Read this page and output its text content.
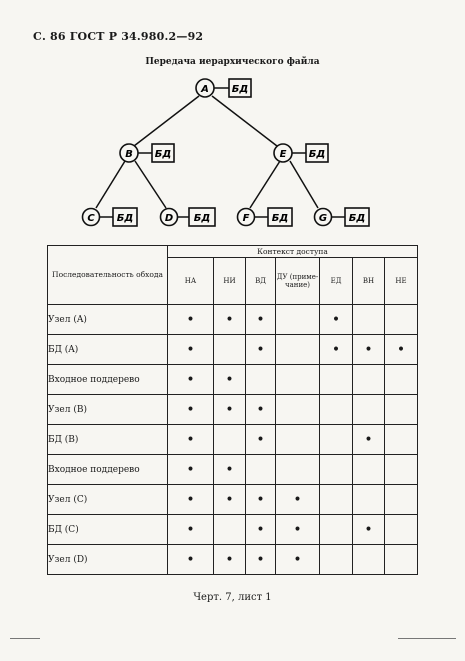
С. 86 ГОСТ Р 34.980.2—92
Передача иерархического файла
A БД
B БД	E БД
C БД	D БД	F БД	G БД
Последовательность обхода	Контекст доступа						
	НА	НИ	ВД	ДУ (приме-чание)	ЕД	ВН	НЕ
Узел (A)	•	•	•		•		
БД (A)	•		•		•	•	•
Входное поддерево	•	•					
Узел (B)	•	•	•				
БД (B)	•		•			•	
Входное поддерево	•	•					
Узел (C)	•	•	•	•			
БД (C)	•		•	•		•	
Узел (D)	•	•	•	•			
Черт. 7, лист 1
